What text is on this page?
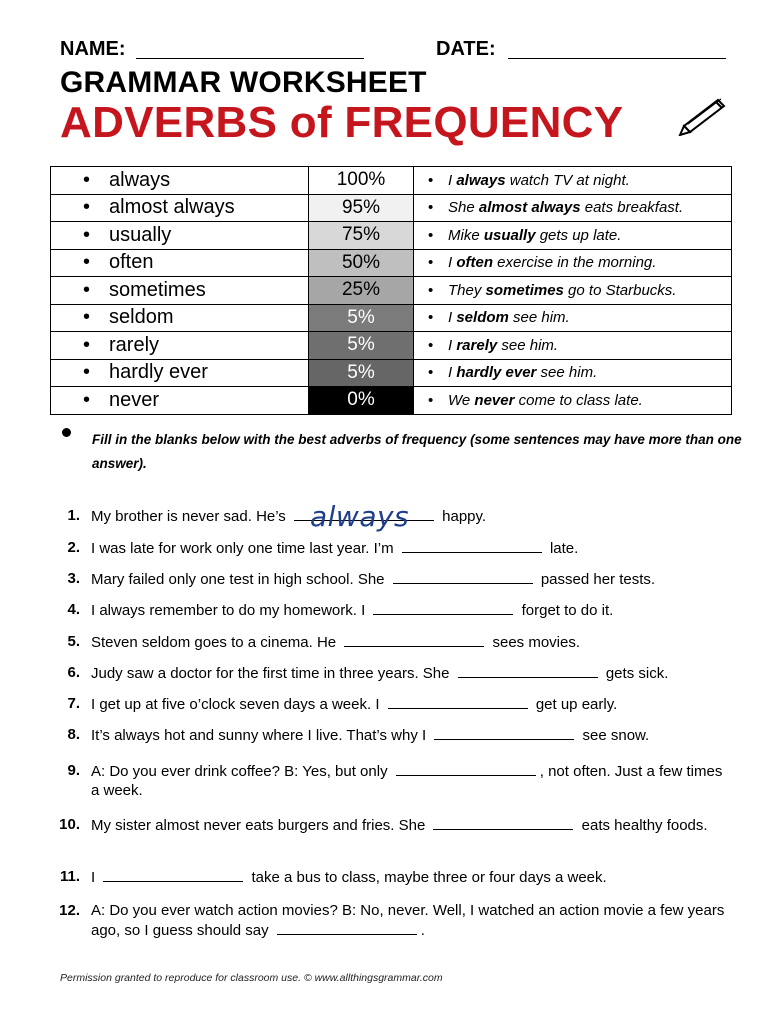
NAME:	DATE:
GRAMMAR WORKSHEET
ADVERBS of FREQUENCY
• always	100%	• I always watch TV at night.
• almost always	95%	• She almost always eats breakfast.
• usually	75%	• Mike usually gets up late.
• often	50%	• I often exercise in the morning.
• sometimes	25%	• They sometimes go to Starbucks.
• seldom	5%	• I seldom see him.
• rarely	5%	• I rarely see him.
• hardly ever	5%	• I hardly ever see him.
• never	0%	• We never come to class late.
Fill in the blanks below with the best adverbs of frequency (some sentences may have more than one answer).
1. My brother is never sad. He’s always happy.
2. I was late for work only one time last year. I’m	late.
3. Mary failed only one test in high school. She	passed her tests.
4. I always remember to do my homework. I	forget to do it.
5. Steven seldom goes to a cinema. He	sees movies.
6. Judy saw a doctor for the first time in three years. She	gets sick.
7. I get up at five o’clock seven days a week. I	get up early.
8. It’s always hot and sunny where I live. That’s why I	see snow.
9. A: Do you ever drink coffee? B: Yes, but only	, not often. Just a few times a week.
10. My sister almost never eats burgers and fries. She	eats healthy foods.
11. I	take a bus to class, maybe three or four days a week.
12. A: Do you ever watch action movies? B: No, never. Well, I watched an action movie a few years ago, so I guess should say	.
Permission granted to reproduce for classroom use. © www.allthingsgrammar.com
